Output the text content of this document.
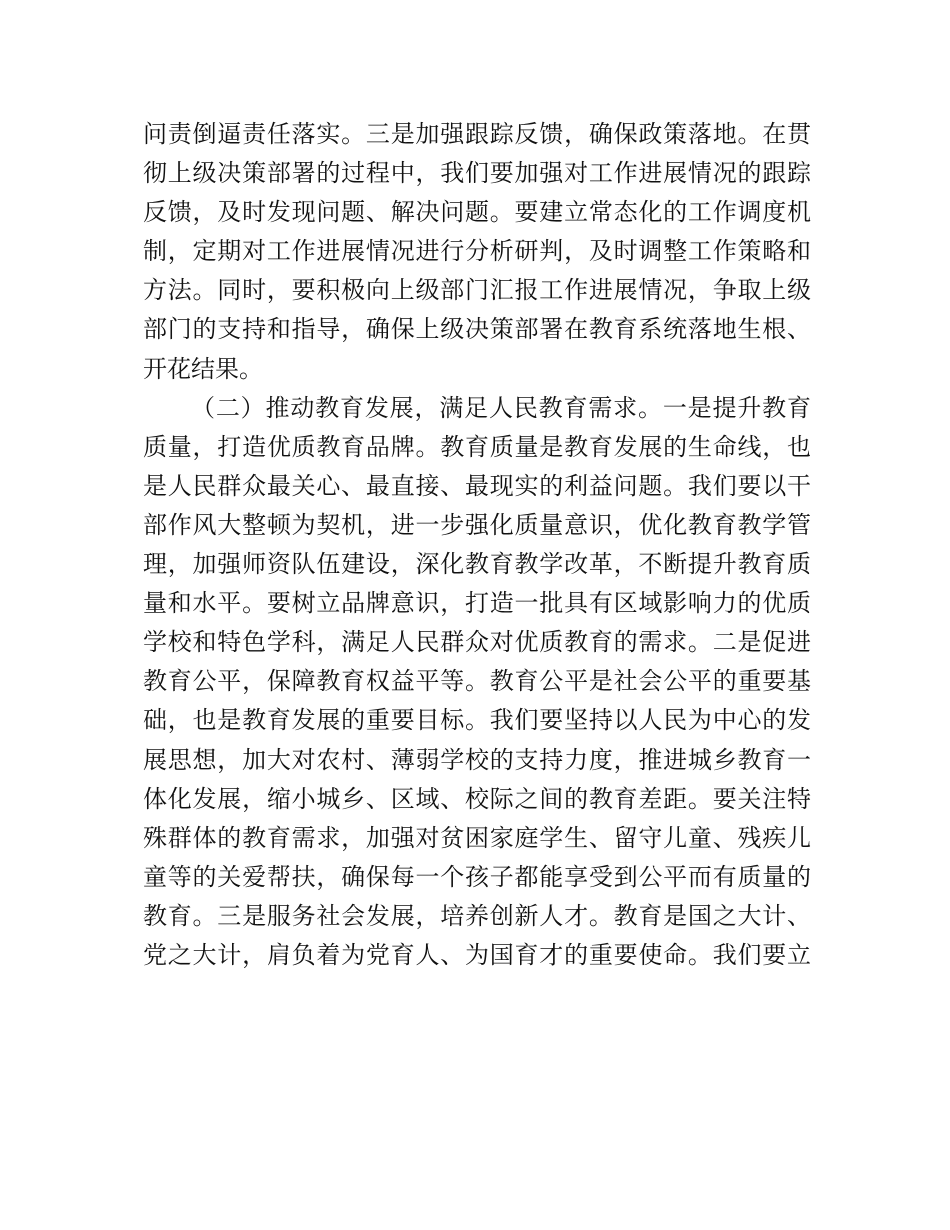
问责倒逼责任落实。三是加强跟踪反馈，确保政策落地。在贯
彻上级决策部署的过程中，我们要加强对工作进展情况的跟踪
反馈，及时发现问题、解决问题。要建立常态化的工作调度机
制，定期对工作进展情况进行分析研判，及时调整工作策略和
方法。同时，要积极向上级部门汇报工作进展情况，争取上级
部门的支持和指导，确保上级决策部署在教育系统落地生根、
开花结果。
（二）推动教育发展，满足人民教育需求。一是提升教育
质量，打造优质教育品牌。教育质量是教育发展的生命线，也
是人民群众最关心、最直接、最现实的利益问题。我们要以干
部作风大整顿为契机，进一步强化质量意识，优化教育教学管
理，加强师资队伍建设，深化教育教学改革，不断提升教育质
量和水平。要树立品牌意识，打造一批具有区域影响力的优质
学校和特色学科，满足人民群众对优质教育的需求。二是促进
教育公平，保障教育权益平等。教育公平是社会公平的重要基
础，也是教育发展的重要目标。我们要坚持以人民为中心的发
展思想，加大对农村、薄弱学校的支持力度，推进城乡教育一
体化发展，缩小城乡、区域、校际之间的教育差距。要关注特
殊群体的教育需求，加强对贫困家庭学生、留守儿童、残疾儿
童等的关爱帮扶，确保每一个孩子都能享受到公平而有质量的
教育。三是服务社会发展，培养创新人才。教育是国之大计、
党之大计，肩负着为党育人、为国育才的重要使命。我们要立
